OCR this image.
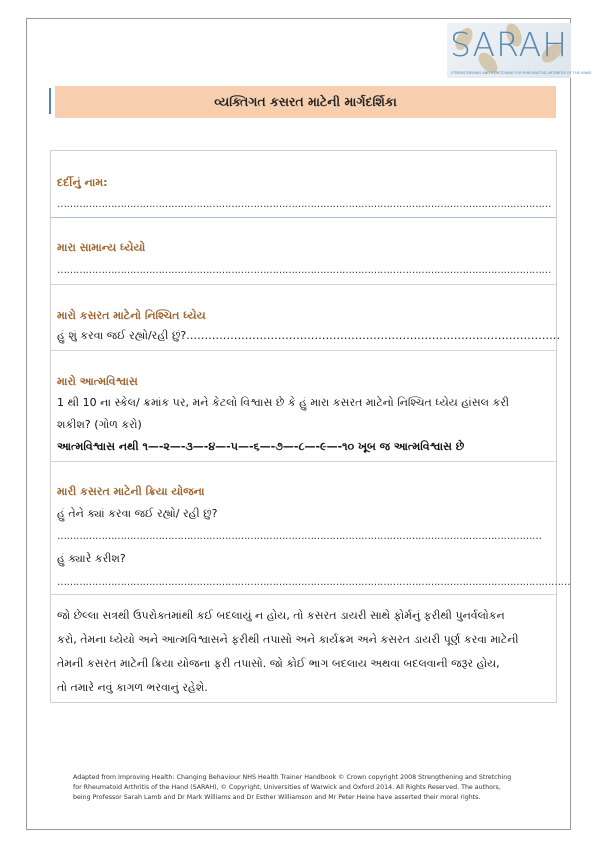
SARAH
STRENGTHENING AND STRETCHING FOR RHEUMATOID ARTHRITIS OF THE HAND
વ્યક્તિગત કસરત માટેની માર્ગદર્શિકા
દર્દીનું નામ:
…………………………………………………………………………………………………………………………………………
મારા સામાન્ય ધ્યેયો
…………………………………………………………………………………………………………………………………………
મારો કસરત માટેનો નિશ્ચિત ધ્યેય
હું શું કરવા જઈ રહ્યો/રહી છું?…………………………………………………………………………………………
મારો આત્મવિશ્વાસ
1 થી 10 ના સ્કેલ/ ક્રમાંક પર, મને કેટલો વિશ્વાસ છે કે હું મારા કસરત માટેનો નિશ્ચિત ધ્યેય હાંસલ કરી
શકીશ? (ગોળ કરો)
આત્મવિશ્વાસ નથી ૧—-૨—-૩—-૪—-૫—-૬—-૭—-૮—-૯—-૧૦ ખૂબ જ આત્મવિશ્વાસ છે
મારી કસરત માટેની ક્રિયા યોજના
હું તેને ક્યાં કરવા જઈ રહ્યો/ રહી છું?
………………………………………………………………………………………………………………………………………
હું ક્યારે કરીશ?
………………………………………………………………………………………………………………………………………………
જો છેલ્લા સત્રથી ઉપરોક્તમાંથી કઈ બદલાયું ન હોય, તો કસરત ડાયરી સાથે ફોર્મનું ફરીથી પુનર્વલોકન
કરો, તેમના ધ્યેયો અને આત્મવિશ્વાસને ફરીથી તપાસો અને કાર્યક્રમ અને કસરત ડાયરી પૂર્ણ કરવા માટેની
તેમની કસરત માટેની ક્રિયા યોજના ફરી તપાસો. જો કોઈ ભાગ બદલાય અથવા બદલવાની જરૂર હોય,
તો તમારે નવું કાગળ ભરવાનું રહેશે.
Adapted from Improving Health: Changing Behaviour NHS Health Trainer Handbook © Crown copyright 2008 Strengthening and Stretching
for Rheumatoid Arthritis of the Hand (SARAH), © Copyright, Universities of Warwick and Oxford 2014. All Rights Reserved. The authors,
being Professor Sarah Lamb and Dr Mark Williams and Dr Esther Williamson and Mr Peter Heine have asserted their moral rights.
